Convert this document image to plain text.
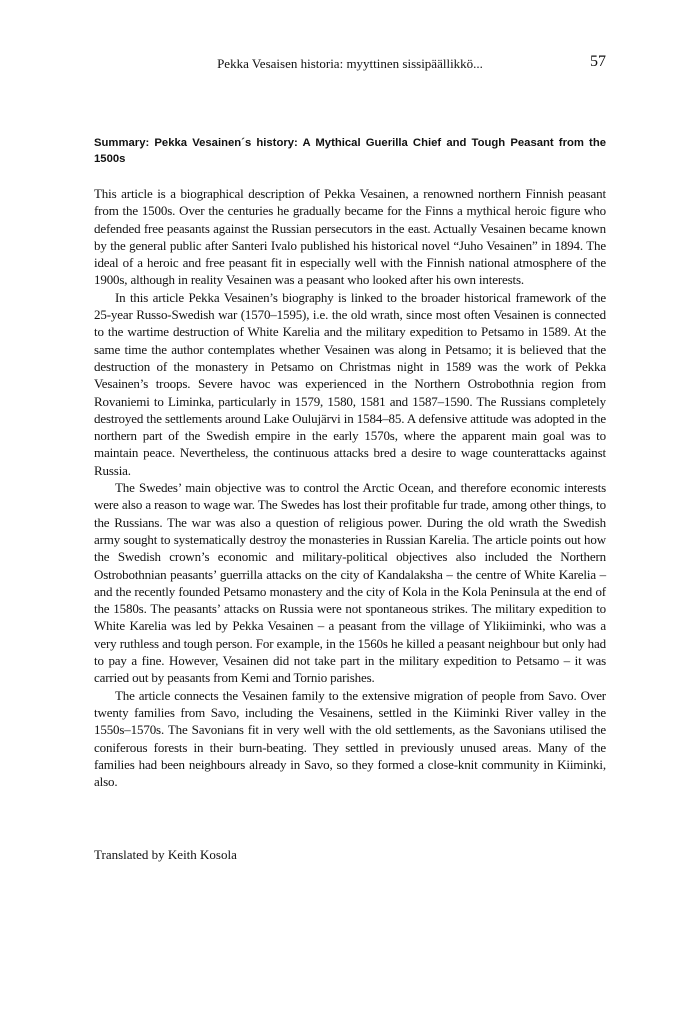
Pekka Vesaisen historia: myyttinen sissipäällikkö...	57
Summary: Pekka Vesainen´s history: A Mythical Guerilla Chief and Tough Peasant from the 1500s

This article is a biographical description of Pekka Vesainen, a renowned northern Finnish peasant from the 1500s. Over the centuries he gradually became for the Finns a mythical heroic figure who defended free peasants against the Russian persecutors in the east. Actually Vesainen became known by the general public after Santeri Ivalo published his historical novel “Juho Vesainen” in 1894. The ideal of a heroic and free peasant fit in especially well with the Finnish national atmosphere of the 1900s, although in reality Vesainen was a peasant who looked after his own interests.

In this article Pekka Vesainen’s biography is linked to the broader historical framework of the 25-year Russo-Swedish war (1570–1595), i.e. the old wrath, since most often Vesainen is connected to the wartime destruction of White Karelia and the military expedition to Petsamo in 1589. At the same time the author contemplates whether Vesainen was along in Petsamo; it is believed that the destruction of the monastery in Petsamo on Christmas night in 1589 was the work of Pekka Vesainen’s troops. Severe havoc was experienced in the Northern Ostrobothnia region from Rovaniemi to Liminka, particularly in 1579, 1580, 1581 and 1587–1590. The Russians completely destroyed the settlements around Lake Oulujärvi in 1584–85. A defensive attitude was adopted in the northern part of the Swedish empire in the early 1570s, where the apparent main goal was to maintain peace. Nevertheless, the continuous attacks bred a desire to wage counterattacks against Russia.

The Swedes’ main objective was to control the Arctic Ocean, and therefore economic interests were also a reason to wage war. The Swedes has lost their profitable fur trade, among other things, to the Russians. The war was also a question of religious power. During the old wrath the Swedish army sought to systematically destroy the monasteries in Russian Karelia. The article points out how the Swedish crown’s economic and military-political objectives also included the Northern Ostrobothnian peasants’ guerrilla attacks on the city of Kandalaksha – the centre of White Karelia – and the recently founded Petsamo monastery and the city of Kola in the Kola Peninsula at the end of the 1580s. The peasants’ attacks on Russia were not spontaneous strikes. The military expedition to White Karelia was led by Pekka Vesainen – a peasant from the village of Ylikiiminki, who was a very ruthless and tough person. For example, in the 1560s he killed a peasant neighbour but only had to pay a fine. However, Vesainen did not take part in the military expedition to Petsamo – it was carried out by peasants from Kemi and Tornio parishes.

The article connects the Vesainen family to the extensive migration of people from Savo. Over twenty families from Savo, including the Vesainens, settled in the Kiiminki River valley in the 1550s–1570s. The Savonians fit in very well with the old settlements, as the Savonians utilised the coniferous forests in their burn-beating. They settled in previously unused areas. Many of the families had been neighbours already in Savo, so they formed a close-knit community in Kiiminki, also.

Translated by Keith Kosola
